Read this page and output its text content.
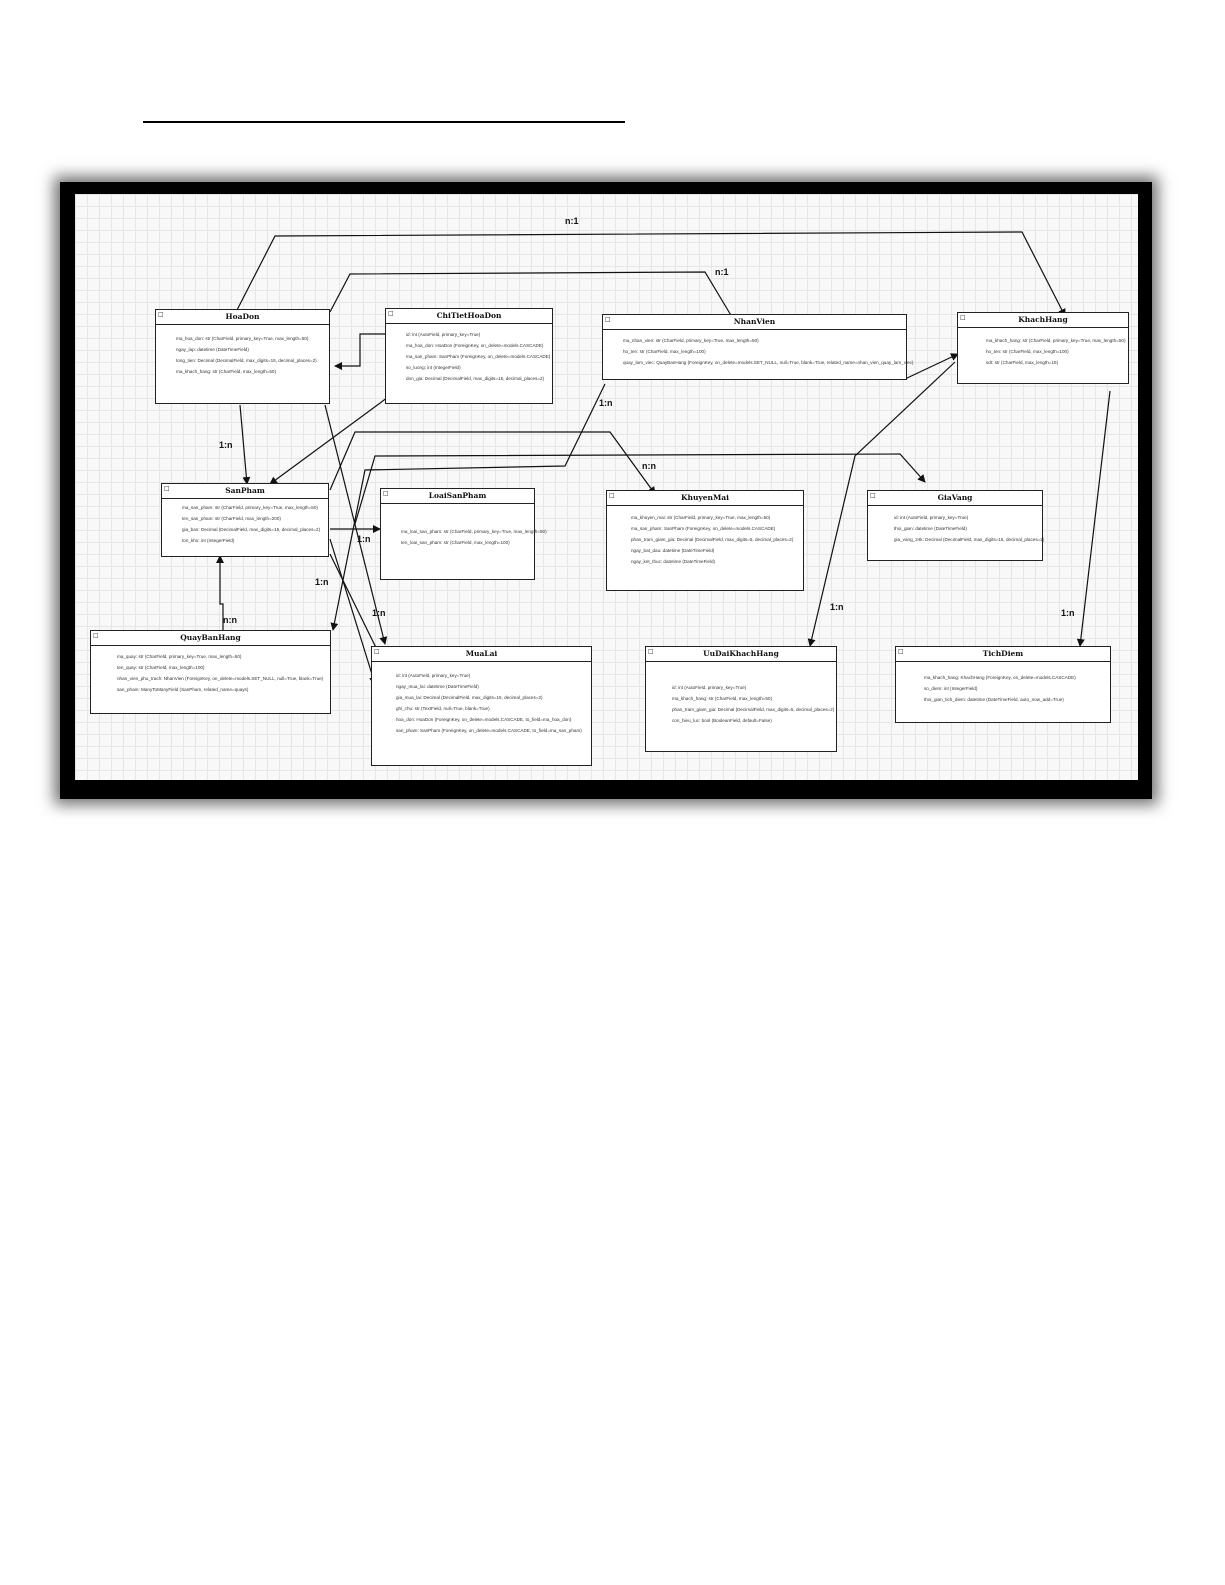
n:1
n:1
1:n
1:n
n:n
1:n
1:n
1:n
n:n
1:n
1:n
□	HoaDon
ma_hoa_don: str (CharField, primary_key=True, max_length=50)
ngay_lap: datetime (DateTimeField)
tong_tien: Decimal (DecimalField, max_digits=15, decimal_places=2)
ma_khach_hang: str (CharField, max_length=50)
□	ChiTietHoaDon
id: int (AutoField, primary_key=True)
ma_hoa_don: HoaDon (ForeignKey, on_delete=models.CASCADE)
ma_san_pham: SanPham (ForeignKey, on_delete=models.CASCADE)
so_luong: int (IntegerField)
don_gia: Decimal (DecimalField, max_digits=15, decimal_places=2)
□	NhanVien
ma_nhan_vien: str (CharField, primary_key=True, max_length=50)
ho_ten: str (CharField, max_length=100)
quay_lam_viec: QuayBanHang (ForeignKey, on_delete=models.SET_NULL, null=True, blank=True, related_name=nhan_vien_quay_lam_viec)
□	KhachHang
ma_khach_hang: str (CharField, primary_key=True, max_length=50)
ho_ten: str (CharField, max_length=100)
sdt: str (CharField, max_length=15)
□	SanPham
ma_san_pham: str (CharField, primary_key=True, max_length=50)
ten_san_pham: str (CharField, max_length=200)
gia_ban: Decimal (DecimalField, max_digits=15, decimal_places=2)
ton_kho: int (IntegerField)
□	LoaiSanPham
ma_loai_san_pham: str (CharField, primary_key=True, max_length=50)
ten_loai_san_pham: str (CharField, max_length=100)
□	KhuyenMai
ma_khuyen_mai: str (CharField, primary_key=True, max_length=50)
ma_san_pham: SanPham (ForeignKey, on_delete=models.CASCADE)
phan_tram_giam_gia: Decimal (DecimalField, max_digits=5, decimal_places=2)
ngay_bat_dau: datetime (DateTimeField)
ngay_ket_thuc: datetime (DateTimeField)
□	GiaVang
id: int (AutoField, primary_key=True)
thoi_gian: datetime (DateTimeField)
gia_vang_24k: Decimal (DecimalField, max_digits=15, decimal_places=2)
□	QuayBanHang
ma_quay: str (CharField, primary_key=True, max_length=50)
ten_quay: str (CharField, max_length=100)
nhan_vien_phu_trach: NhanVien (ForeignKey, on_delete=models.SET_NULL, null=True, blank=True)
san_pham: ManyToManyField (SanPham, related_name=quays)
□	MuaLai
id: int (AutoField, primary_key=True)
ngay_mua_lai: datetime (DateTimeField)
gia_mua_lai: Decimal (DecimalField, max_digits=15, decimal_places=2)
ghi_chu: str (TextField, null=True, blank=True)
hoa_don: HoaDon (ForeignKey, on_delete=models.CASCADE, to_field=ma_hoa_don)
san_pham: SanPham (ForeignKey, on_delete=models.CASCADE, to_field=ma_san_pham)
□	UuDaiKhachHang
id: int (AutoField, primary_key=True)
ma_khach_hang: str (CharField, max_length=50)
phan_tram_giam_gia: Decimal (DecimalField, max_digits=5, decimal_places=2)
con_hieu_luc: bool (BooleanField, default=False)
□	TichDiem
ma_khach_hang: KhachHang (ForeignKey, on_delete=models.CASCADE)
so_diem: int (IntegerField)
thoi_gian_tich_diem: datetime (DateTimeField, auto_now_add=True)
